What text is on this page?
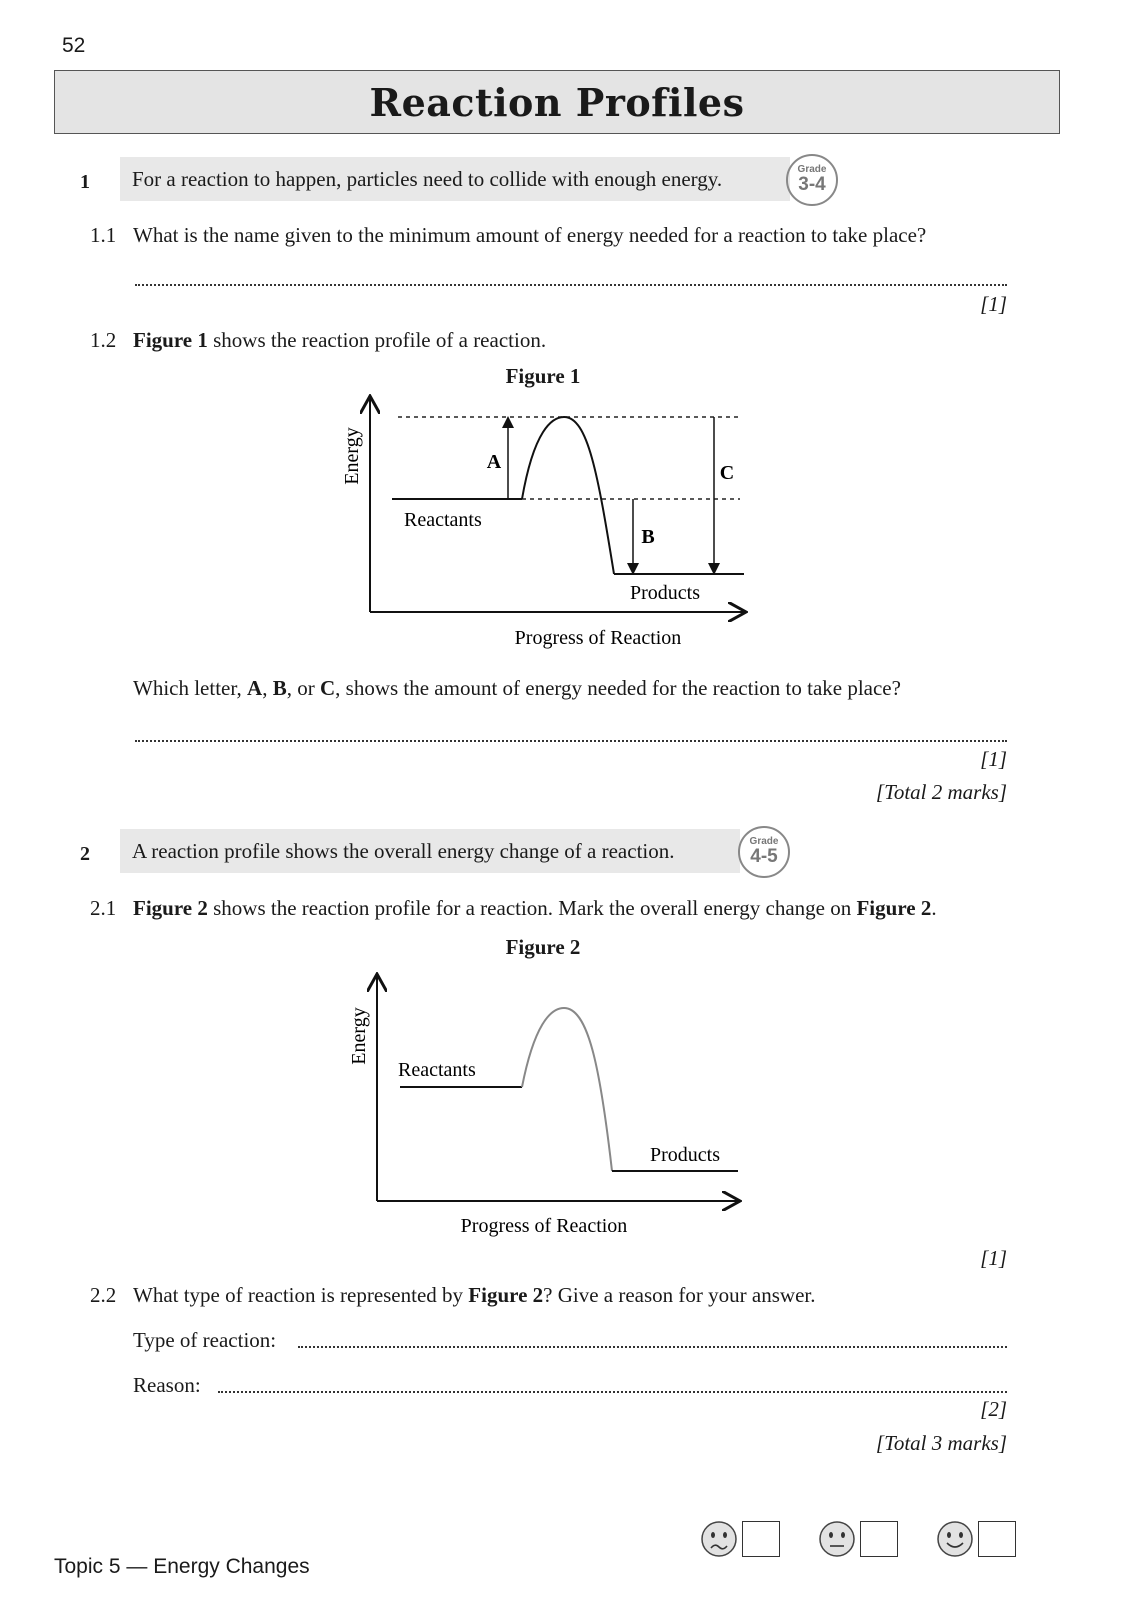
52
Reaction Profiles
1 For a reaction to happen, particles need to collide with enough energy.	Grade
3-4
1.1 What is the name given to the minimum amount of energy needed for a reaction to take place?
[1]
1.2 Figure 1 shows the reaction profile of a reaction.
Figure 1
Energy	A
B
C
Reactants
Products
Progress of Reaction
Which letter, A, B, or C, shows the amount of energy needed for the reaction to take place?
[1]
[Total 2 marks]
2 A reaction profile shows the overall energy change of a reaction.	Grade
4-5
2.1 Figure 2 shows the reaction profile for a reaction. Mark the overall energy change on Figure 2.
Figure 2
Energy
Reactants
Products
Progress of Reaction
[1]
2.2 What type of reaction is represented by Figure 2? Give a reason for your answer.
Type of reaction:
Reason:
[2]
[Total 3 marks]
Topic 5 — Energy Changes
